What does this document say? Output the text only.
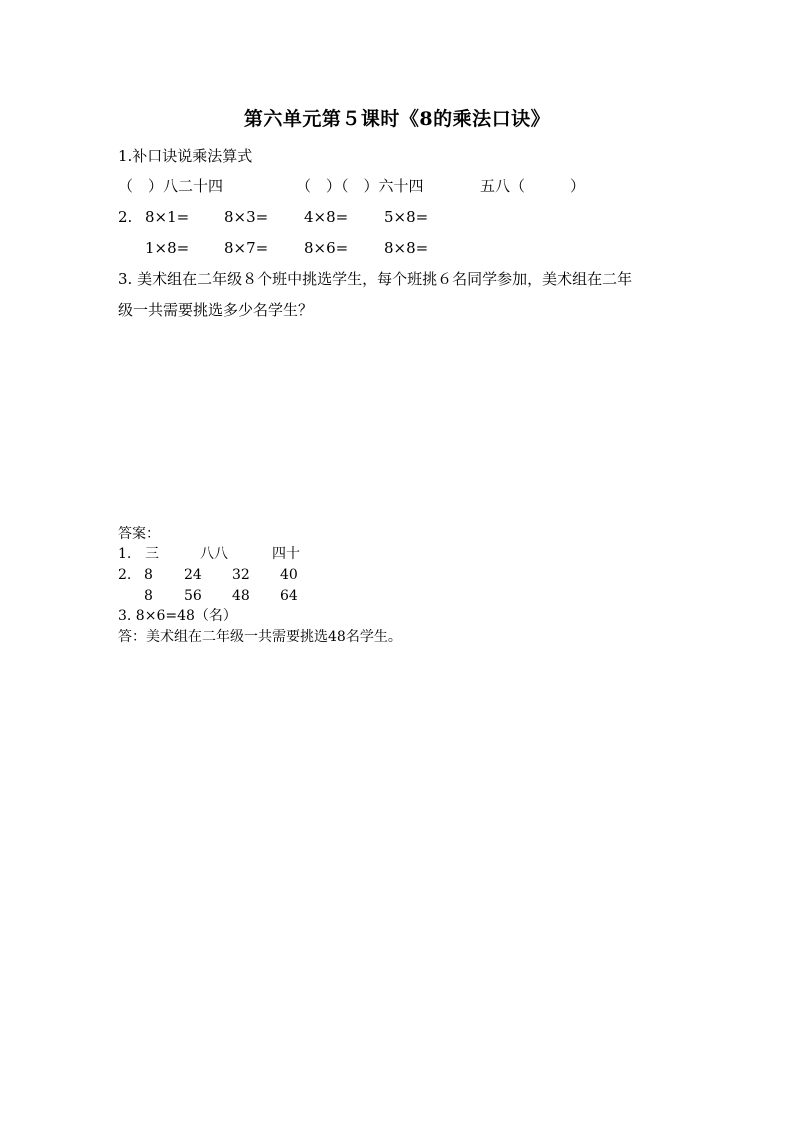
第六单元第５课时《8的乘法口诀》
1.补口诀说乘法算式
（　）八二十四	（　）（　）六十四	五八（　　　）
2. 8×1= 8×3= 4×8= 5×8=
1×8= 8×7= 8×6= 8×8=
3. 美术组在二年级８个班中挑选学生，每个班挑６名同学参加，美术组在二年
级一共需要挑选多少名学生？
答案：
1. 三	八八	四十
2. 8 24 32 40
8 56 48 64
3. 8×6=48（名）
答：美术组在二年级一共需要挑选48名学生。
